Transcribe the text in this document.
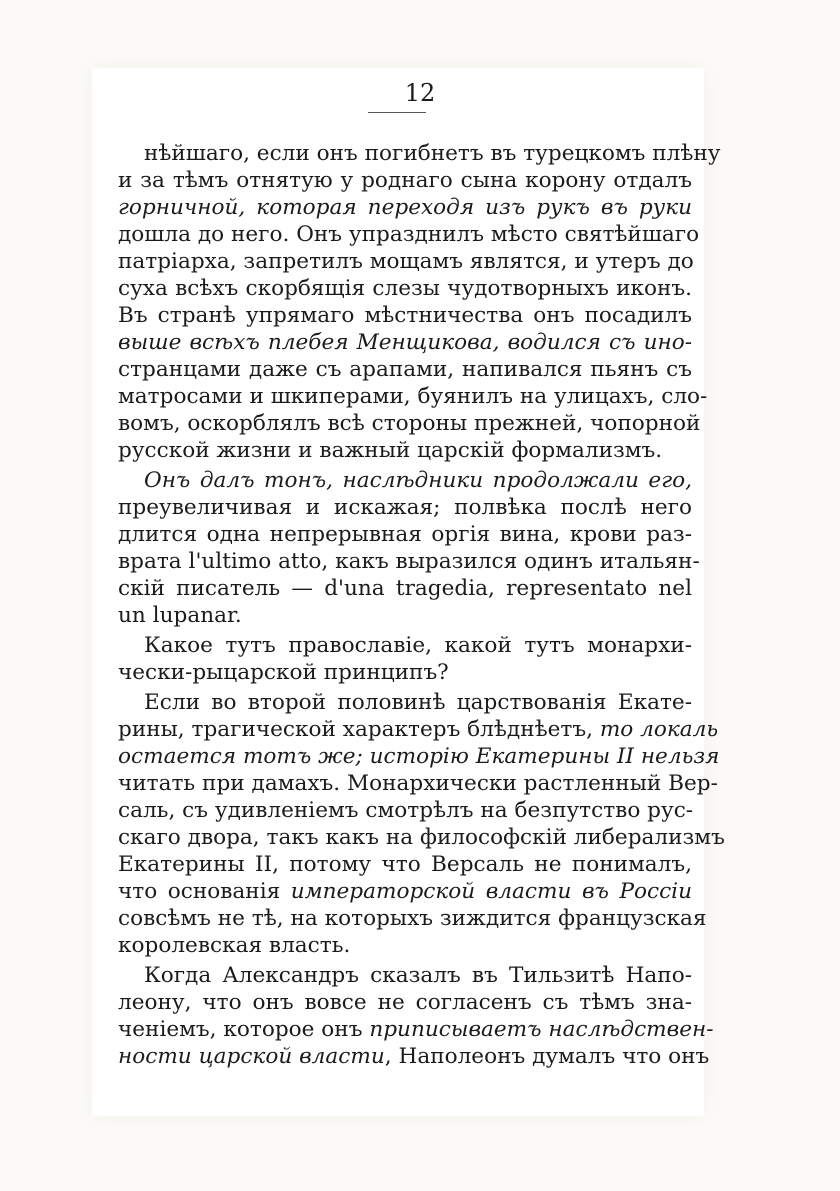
12
нѣйшаго, если онъ погибнетъ въ турецкомъ плѣну
и за тѣмъ отнятую у роднаго сына корону отдалъ
горничной, которая переходя изъ рукъ въ руки
дошла до него. Онъ упразднилъ мѣсто святѣйшаго
патріарха, запретилъ мощамъ являтся, и утеръ до
суха всѣхъ скорбящія слезы чудотворныхъ иконъ.
Въ странѣ упрямаго мѣстничества онъ посадилъ
выше всѣхъ плебея Менщикова, водился съ ино-
странцами даже съ арапами, напивался пьянъ съ
матросами и шкиперами, буянилъ на улицахъ, сло-
вомъ, оскорблялъ всѣ стороны прежней, чопорной
русской жизни и важный царскій формализмъ.
Онъ далъ тонъ, наслѣдники продолжали его,
преувеличивая и искажая; полвѣка послѣ него
длится одна непрерывная оргія вина, крови раз-
врата l'ultimo atto, какъ выразился одинъ итальян-
скій писатель — d'una tragedia, representato nel
un lupanar.
Какое тутъ православіе, какой тутъ монархи-
чески-рыцарской принципъ?
Если во второй половинѣ царствованія Екате-
рины, трагической характеръ блѣднѣетъ, то локаль
остается тотъ же; исторію Екатерины II нельзя
читать при дамахъ. Монархически растленный Вер-
саль, съ удивленіемъ смотрѣлъ на безпутство рус-
скаго двора, такъ какъ на философскій либерализмъ
Екатерины II, потому что Версаль не понималъ,
что основанія императорской власти въ Россіи
совсѣмъ не тѣ, на которыхъ зиждится французская
королевская власть.
Когда Александръ сказалъ въ Тильзитѣ Напо-
леону, что онъ вовсе не согласенъ съ тѣмъ зна-
ченіемъ, которое онъ приписываетъ наслѣдствен-
ности царской власти, Наполеонъ думалъ что онъ
